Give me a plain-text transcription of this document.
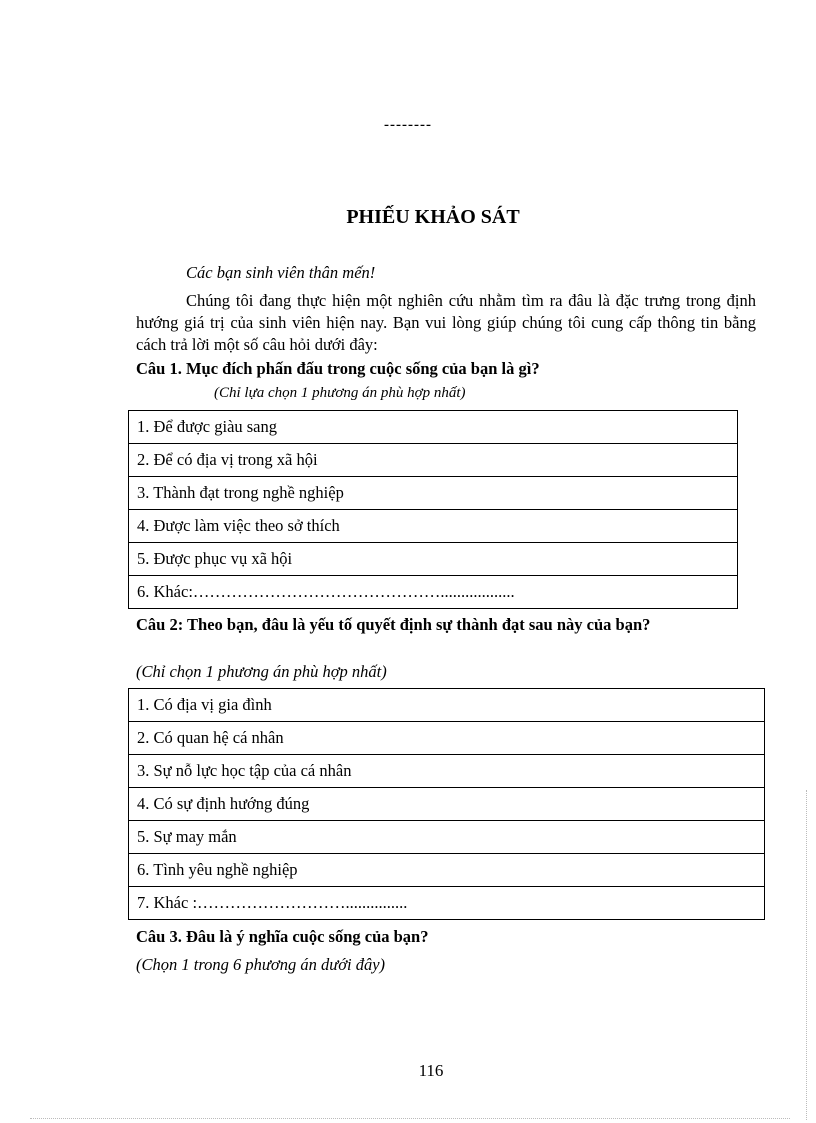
--------
PHIẾU KHẢO SÁT
Các bạn sinh viên thân mến!
Chúng tôi đang thực hiện một nghiên cứu nhằm tìm ra đâu là đặc trưng trong định hướng giá trị của sinh viên hiện nay. Bạn vui lòng giúp chúng tôi cung cấp thông tin bằng cách trả lời một số câu hỏi dưới đây:
Câu 1. Mục đích phấn đấu trong cuộc sống của bạn là gì?
(Chỉ lựa chọn 1 phương án phù hợp nhất)
1. Để được giàu sang
2. Để có địa vị trong xã hội
3. Thành đạt trong nghề nghiệp
4. Được làm việc theo sở thích
5. Được phục vụ xã hội
6. Khác:………………………………………..................
Câu 2: Theo bạn, đâu là yếu tố quyết định sự thành đạt sau này của bạn?
(Chỉ chọn 1 phương án phù hợp nhất)
1. Có địa vị gia đình
2. Có quan hệ cá nhân
3. Sự nỗ lực học tập của cá nhân
4. Có sự định hướng đúng
5. Sự may mắn
6. Tình yêu nghề nghiệp
7. Khác :………………………...............
Câu 3. Đâu là ý nghĩa cuộc sống của bạn?
(Chọn 1 trong 6 phương án dưới đây)
116
